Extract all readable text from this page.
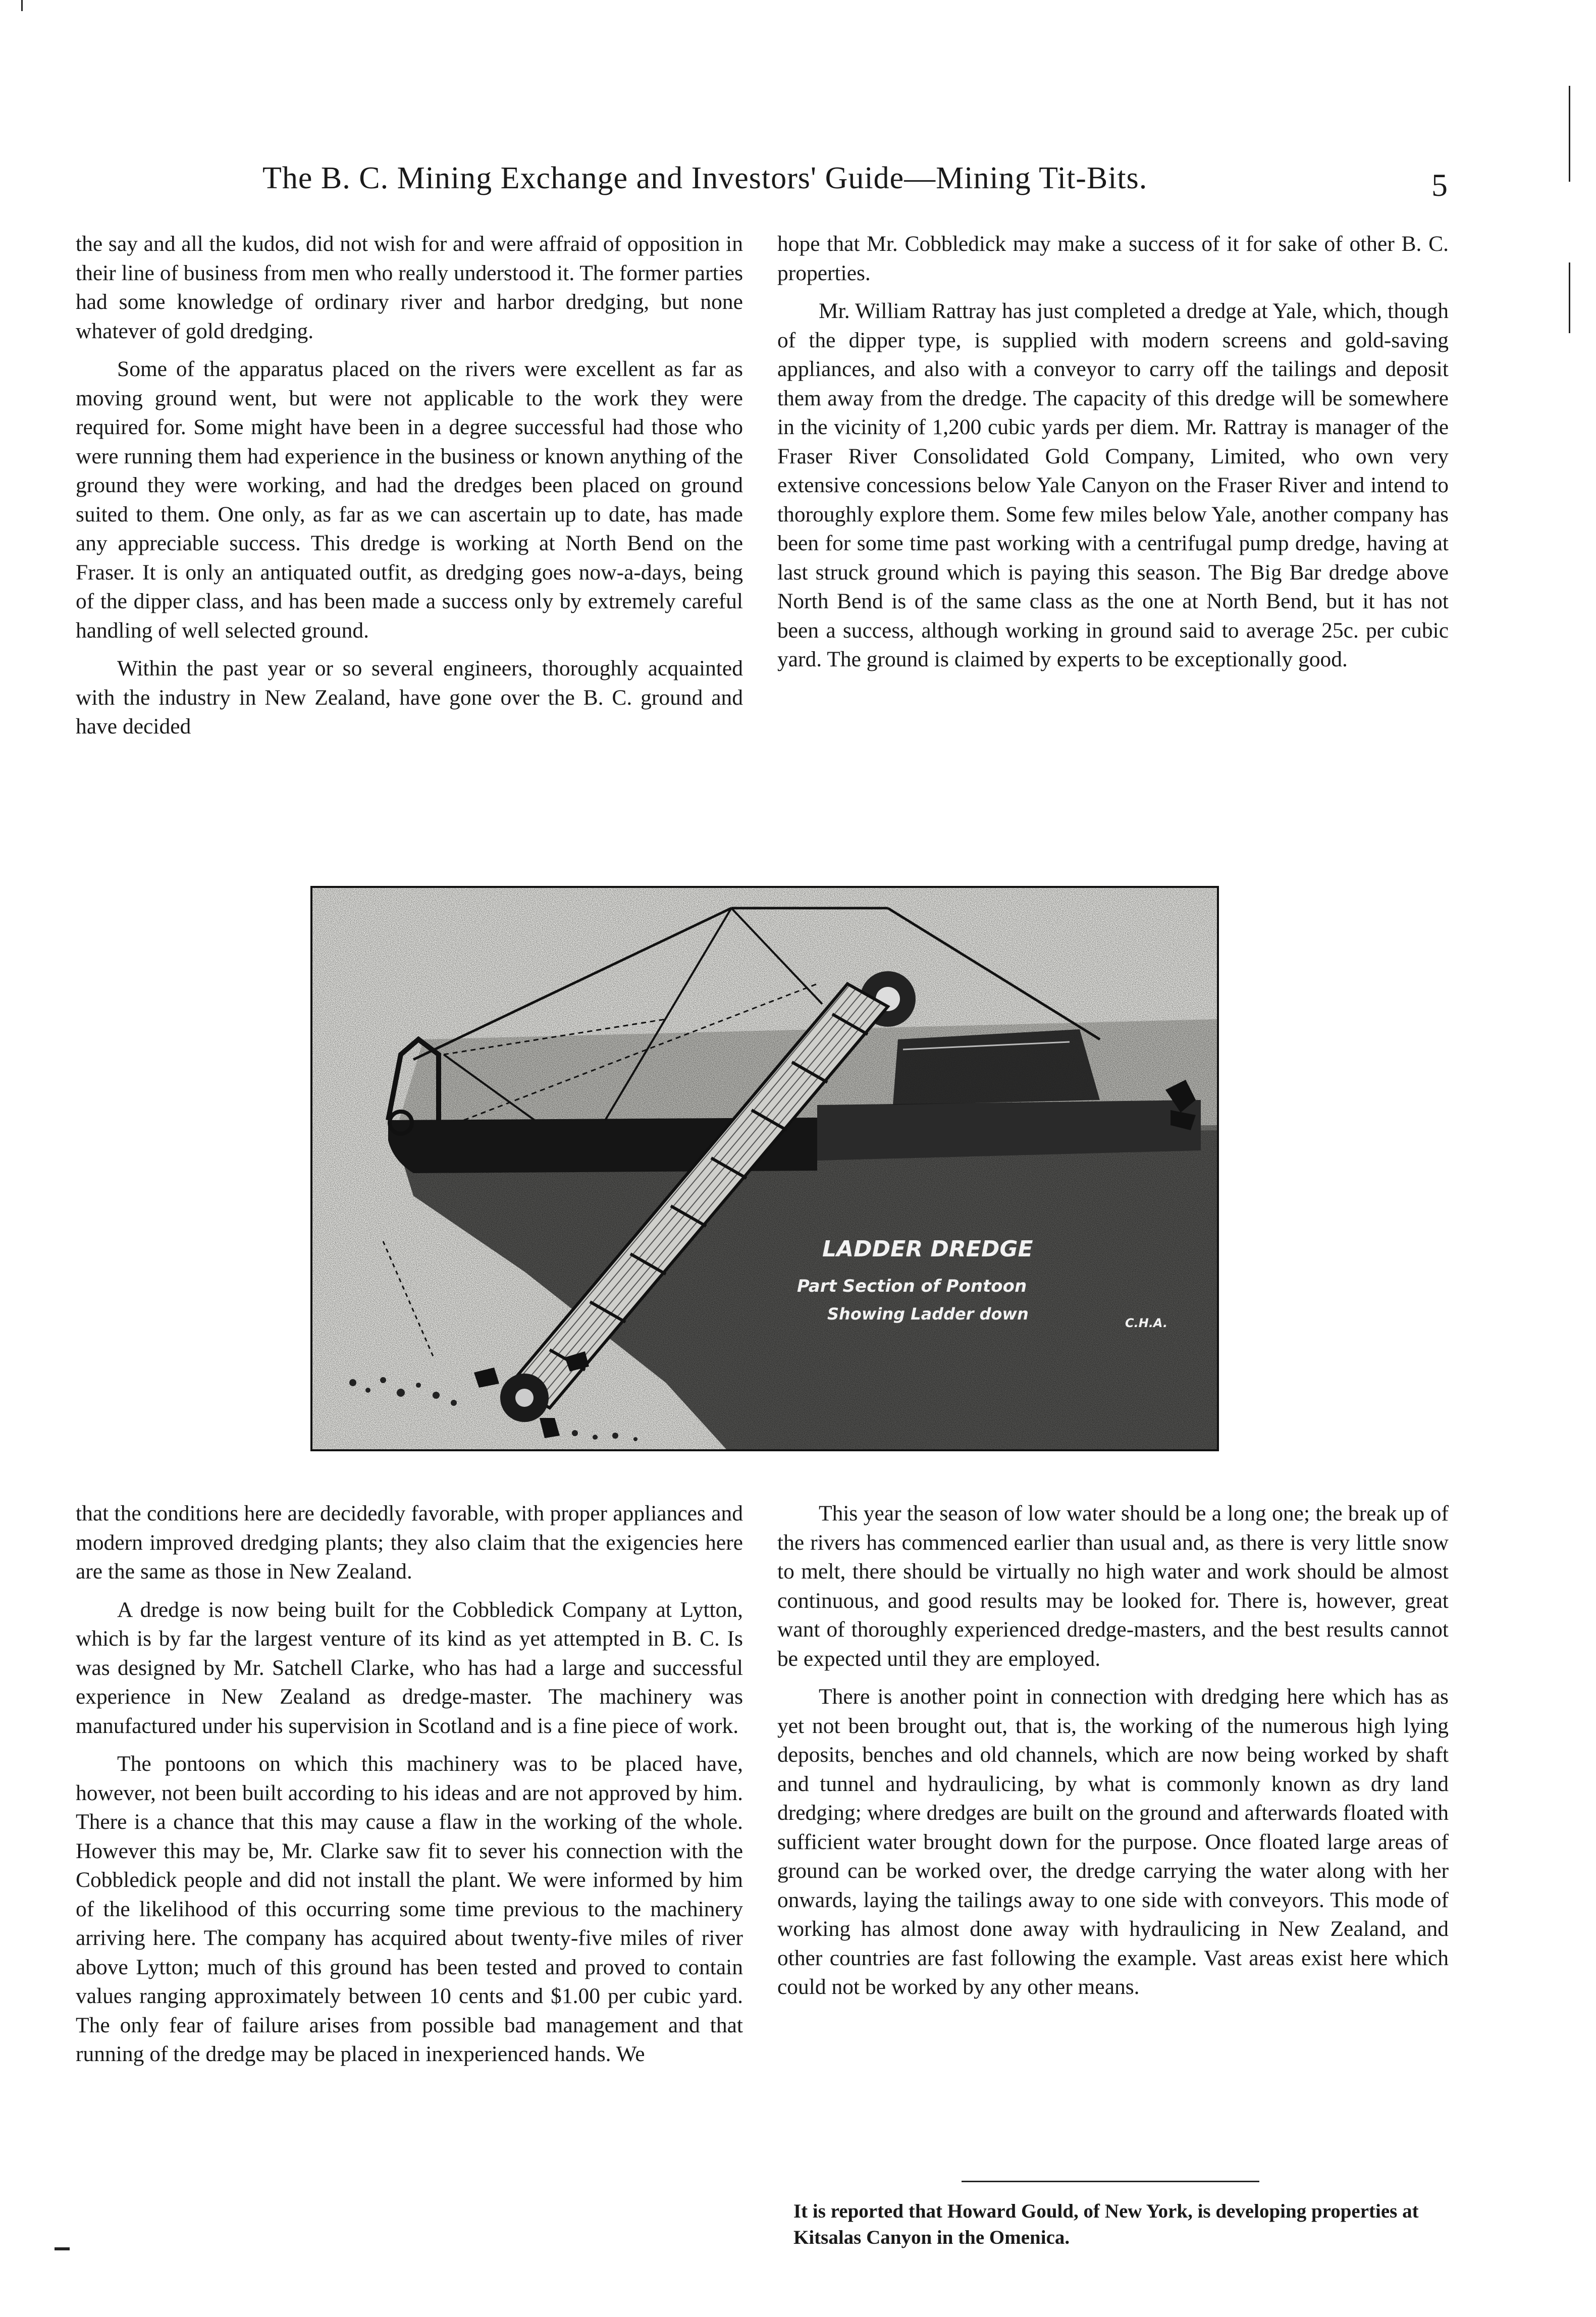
The B. C. Mining Exchange and Investors' Guide—Mining Tit-Bits.	5

the say and all the kudos, did not wish for and were affraid of opposition in their line of business from men who really understood it. The former parties had some knowledge of ordinary river and harbor dredging, but none whatever of gold dredging.

Some of the apparatus placed on the rivers were excellent as far as moving ground went, but were not applicable to the work they were required for. Some might have been in a degree successful had those who were running them had experience in the business or known anything of the ground they were working, and had the dredges been placed on ground suited to them. One only, as far as we can ascertain up to date, has made any appreciable success. This dredge is working at North Bend on the Fraser. It is only an antiquated outfit, as dredging goes now-a-days, being of the dipper class, and has been made a success only by extremely careful handling of well selected ground.

Within the past year or so several engineers, thoroughly acquainted with the industry in New Zealand, have gone over the B. C. ground and have decided

hope that Mr. Cobbledick may make a success of it for sake of other B. C. properties.

Mr. William Rattray has just completed a dredge at Yale, which, though of the dipper type, is supplied with modern screens and gold-saving appliances, and also with a conveyor to carry off the tailings and deposit them away from the dredge. The capacity of this dredge will be somewhere in the vicinity of 1,200 cubic yards per diem. Mr. Rattray is manager of the Fraser River Consolidated Gold Company, Limited, who own very extensive concessions below Yale Canyon on the Fraser River and intend to thoroughly explore them. Some few miles below Yale, another company has been for some time past working with a centrifugal pump dredge, having at last struck ground which is paying this season. The Big Bar dredge above North Bend is of the same class as the one at North Bend, but it has not been a success, although working in ground said to average 25c. per cubic yard. The ground is claimed by experts to be exceptionally good.

LADDER DREDGE
Part Section of Pontoon
Showing Ladder down	C.H.A.

that the conditions here are decidedly favorable, with proper appliances and modern improved dredging plants; they also claim that the exigencies here are the same as those in New Zealand.

A dredge is now being built for the Cobbledick Company at Lytton, which is by far the largest venture of its kind as yet attempted in B. C. Is was designed by Mr. Satchell Clarke, who has had a large and successful experience in New Zealand as dredge-master. The machinery was manufactured under his supervision in Scotland and is a fine piece of work.

The pontoons on which this machinery was to be placed have, however, not been built according to his ideas and are not approved by him. There is a chance that this may cause a flaw in the working of the whole. However this may be, Mr. Clarke saw fit to sever his connection with the Cobbledick people and did not install the plant. We were informed by him of the likelihood of this occurring some time previous to the machinery arriving here. The company has acquired about twenty-five miles of river above Lytton; much of this ground has been tested and proved to contain values ranging approximately between 10 cents and $1.00 per cubic yard. The only fear of failure arises from possible bad management and that running of the dredge may be placed in inexperienced hands. We

This year the season of low water should be a long one; the break up of the rivers has commenced earlier than usual and, as there is very little snow to melt, there should be virtually no high water and work should be almost continuous, and good results may be looked for. There is, however, great want of thoroughly experienced dredge-masters, and the best results cannot be expected until they are employed.

There is another point in connection with dredging here which has as yet not been brought out, that is, the working of the numerous high lying deposits, benches and old channels, which are now being worked by shaft and tunnel and hydraulicing, by what is commonly known as dry land dredging; where dredges are built on the ground and afterwards floated with sufficient water brought down for the purpose. Once floated large areas of ground can be worked over, the dredge carrying the water along with her onwards, laying the tailings away to one side with conveyors. This mode of working has almost done away with hydraulicing in New Zealand, and other countries are fast following the example. Vast areas exist here which could not be worked by any other means.

It is reported that Howard Gould, of New York, is developing properties at Kitsalas Canyon in the Omenica.
